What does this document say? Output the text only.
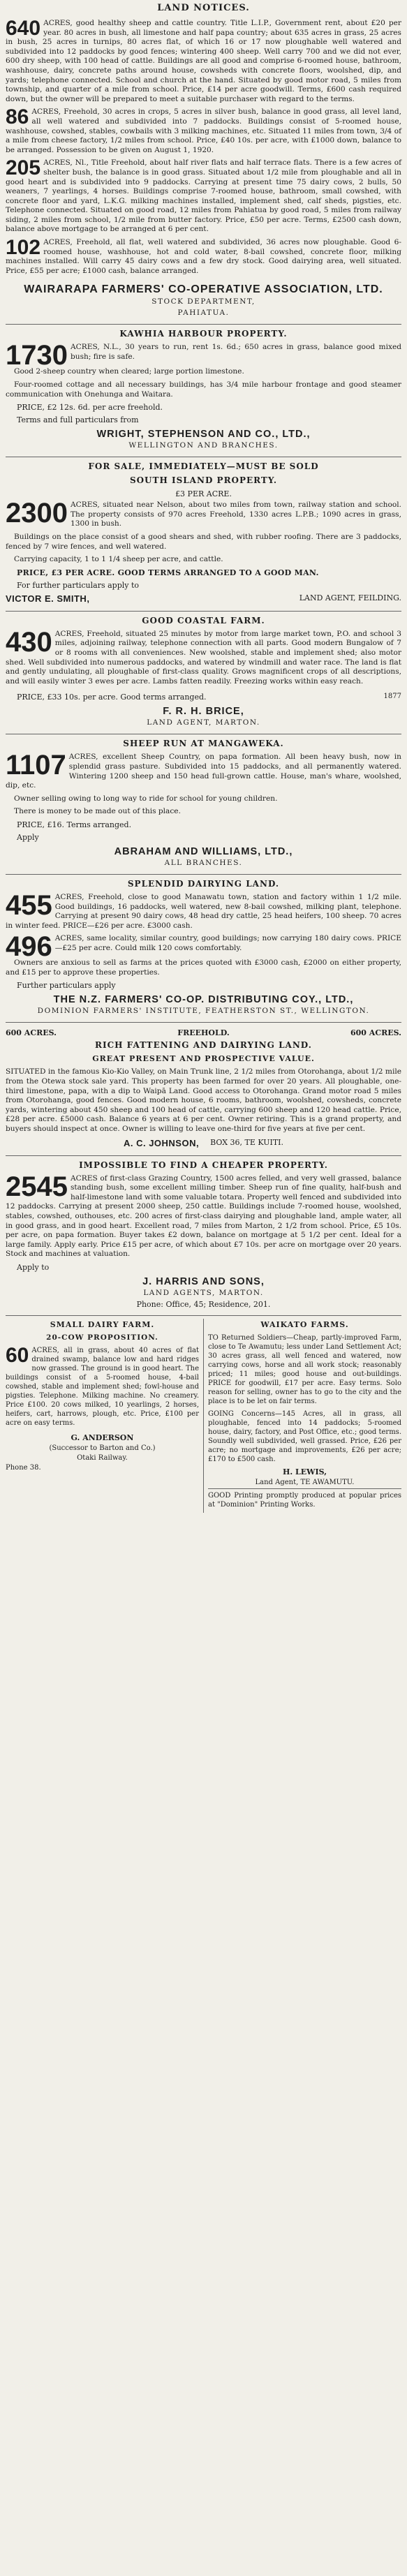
LAND NOTICES.
640 ACRES, good healthy sheep and cattle country. Title L.I.P., Government rent, about £20 per year. 80 acres in bush, all limestone and half papa country; about 635 acres in grass, 25 acres in bush, 25 acres in turnips, 80 acres flat, of which 16 or 17 now ploughable well watered and subdivided into 12 paddocks by good fences; wintering 400 sheep. Well carry 700 and we did not ever, 600 dry sheep, with 100 head of cattle. Buildings are all good and comprise 6-roomed house, bathroom, washhouse, dairy, concrete paths around house, cowsheds with concrete floors, woolshed, dip, and yards; telephone connected. School and church at the hand. Situated by good motor road, 5 miles from township, and quarter of a mile from school. Price, £14 per acre goodwill. Terms, £600 cash required down, but the owner will be prepared to meet a suitable purchaser with regard to the terms.
86 ACRES, Freehold, 30 acres in crops, 5 acres in silver bush, balance in good grass, all level land, all well watered and subdivided into 7 paddocks. Buildings consist of 5-roomed house, washhouse, cowshed, stables, cowbails with 3 milking machines, etc. Situated 11 miles from town, 3/4 of a mile from cheese factory, 1/2 miles from school. Price, £40 10s. per acre, with £1000 down, balance to be arranged. Possession to be given on August 1, 1920.
205 ACRES, Nl., Title Freehold, about half river flats and half terrace flats. There is a few acres of shelter bush, the balance is in good grass. Situated about 1/2 mile from ploughable and all in good heart and is subdivided into 9 paddocks. Carrying at present time 75 dairy cows, 2 bulls, 50 weaners, 7 yearlings, 4 horses. Buildings comprise 7-roomed house, bathroom, small cowshed, with concrete floor and yard, L.K.G. milking machines installed, implement shed, calf sheds, pigsties, etc. Telephone connected. Situated on good road, 12 miles from Pahiatua by good road, 5 miles from railway siding, 2 miles from school, 1/2 mile from butter factory. Price, £50 per acre. Terms, £2500 cash down, balance above mortgage to be arranged at 6 per cent.
102 ACRES, Freehold, all flat, well watered and subdivided, 36 acres now ploughable. Good 6-roomed house, washhouse, hot and cold water, 8-bail cowshed, concrete floor, milking machines installed. Will carry 45 dairy cows and a few dry stock. Good dairying area, well situated. Price, £55 per acre; £1000 cash, balance arranged.
WAIRARAPA FARMERS' CO-OPERATIVE ASSOCIATION, LTD.
STOCK DEPARTMENT,
PAHIATUA.
KAWHIA HARBOUR PROPERTY.
1730 ACRES, N.L., 30 years to run, rent 1s. 6d.; 650 acres in grass, balance good mixed bush; fire is safe.
Good 2-sheep country when cleared; large portion limestone.
Four-roomed cottage and all necessary buildings, has 3/4 mile harbour frontage and good steamer communication with Onehunga and Waitara.
PRICE, £2 12s. 6d. per acre freehold.
Terms and full particulars from
WRIGHT, STEPHENSON AND CO., LTD.,
WELLINGTON AND BRANCHES.
FOR SALE, IMMEDIATELY—MUST BE SOLD
SOUTH ISLAND PROPERTY.
£3 PER ACRE.
2300 ACRES, situated near Nelson, about two miles from town, railway station and school. The property consists of 970 acres Freehold, 1330 acres L.P.B.; 1090 acres in grass, 1300 in bush.
Buildings on the place consist of a good shears and shed, with rubber roofing. There are 3 paddocks, fenced by 7 wire fences, and well watered.
Carrying capacity, 1 to 1 1/4 sheep per acre, and cattle.
PRICE, £3 PER ACRE. GOOD TERMS ARRANGED TO A GOOD MAN.
For further particulars apply to
VICTOR E. SMITH,	LAND AGENT, FEILDING.
GOOD COASTAL FARM.
430 ACRES, Freehold, situated 25 minutes by motor from large market town, P.O. and school 3 miles, adjoining railway, telephone connection with all parts. Good modern Bungalow of 7 or 8 rooms with all conveniences. New woolshed, stable and implement shed; also motor shed. Well subdivided into numerous paddocks, and watered by windmill and water race. The land is flat and gently undulating, all ploughable of first-class quality. Grows magnificent crops of all descriptions, and will easily winter 3 ewes per acre. Lambs fatten readily. Freezing works within easy reach.
PRICE, £33 10s. per acre. Good terms arranged.	1877
F. R. H. BRICE,
LAND AGENT, MARTON.
SHEEP RUN AT MANGAWEKA.
1107 ACRES, excellent Sheep Country, on papa formation. All been heavy bush, now in splendid grass pasture. Subdivided into 15 paddocks, and all permanently watered. Wintering 1200 sheep and 150 head full-grown cattle. House, man's whare, woolshed, dip, etc.
Owner selling owing to long way to ride for school for young children.
There is money to be made out of this place.
PRICE, £16. Terms arranged.
Apply
ABRAHAM AND WILLIAMS, LTD.,
ALL BRANCHES.
SPLENDID DAIRYING LAND.
455 ACRES, Freehold, close to good Manawatu town, station and factory within 1 1/2 mile. Good buildings, 16 paddocks, well watered, new 8-bail cowshed, milking plant, telephone. Carrying at present 90 dairy cows, 48 head dry cattle, 25 head heifers, 100 sheep. 70 acres in winter feed. PRICE—£26 per acre. £3000 cash.
496 ACRES, same locality, similar country, good buildings; now carrying 180 dairy cows. PRICE—£25 per acre. Could milk 120 cows comfortably.
Owners are anxious to sell as farms at the prices quoted with £3000 cash, £2000 on either property, and £15 per to approve these properties.
Further particulars apply
THE N.Z. FARMERS' CO-OP. DISTRIBUTING COY., LTD.,
DOMINION FARMERS' INSTITUTE, FEATHERSTON ST., WELLINGTON.
600 ACRES.	FREEHOLD.	600 ACRES.
RICH FATTENING AND DAIRYING LAND.
GREAT PRESENT AND PROSPECTIVE VALUE.
SITUATED in the famous Kio-Kio Valley, on Main Trunk line, 2 1/2 miles from Otorohanga, about 1/2 mile from the Otewa stock sale yard. This property has been farmed for over 20 years. All ploughable, one-third limestone, papa, with a dip to Waipā Land. Good access to Otorohanga. Grand motor road 5 miles from Otorohanga, good fences. Good modern house, 6 rooms, bathroom, woolshed, cowsheds, concrete yards, wintering about 450 sheep and 100 head of cattle, carrying 600 sheep and 120 head cattle. Price, £28 per acre. £5000 cash. Balance 6 years at 6 per cent. Owner retiring. This is a grand property, and buyers should inspect at once. Owner is willing to leave one-third for five years at five per cent.
A. C. JOHNSON, BOX 36, TE KUITI.
IMPOSSIBLE TO FIND A CHEAPER PROPERTY.
2545 ACRES of first-class Grazing Country, 1500 acres felled, and very well grassed, balance standing bush, some excellent milling timber. Sheep run of fine quality, half-bush and half-limestone land with some valuable totara. Property well fenced and subdivided into 12 paddocks. Carrying at present 2000 sheep, 250 cattle. Buildings include 7-roomed house, woolshed, stables, cowshed, outhouses, etc. 200 acres of first-class dairying and ploughable land, ample water, all in good grass, and in good heart. Excellent road, 7 miles from Marton, 2 1/2 from school. Price, £5 10s. per acre, on papa formation. Buyer takes £2 down, balance on mortgage at 5 1/2 per cent. Ideal for a large family. Apply early. Price £15 per acre, of which about £7 10s. per acre on mortgage over 20 years. Stock and machines at valuation.
Apply to
J. HARRIS AND SONS,
LAND AGENTS, MARTON.
Phone: Office, 45; Residence, 201.
SMALL DAIRY FARM.
20-COW PROPOSITION.
60 ACRES, all in grass, about 40 acres of flat drained swamp, balance low and hard ridges now grassed. The ground is in good heart. The buildings consist of a 5-roomed house, 4-bail cowshed, stable and implement shed; fowl-house and pigsties. Telephone. Milking machine. No creamery. Price £100. 20 cows milked, 10 yearlings, 2 horses, heifers, cart, harrows, plough, etc. Price, £100 per acre on easy terms.
G. ANDERSON
(Successor to Barton and Co.)
Otaki Railway.
Phone 38.
WAIKATO FARMS.
TO Returned Soldiers—Cheap, partly-improved Farm, close to Te Awamutu; less under Land Settlement Act; 30 acres grass, all well fenced and watered, now carrying cows, horse and all work stock; reasonably priced; 11 miles; good house and out-buildings. PRICE for goodwill, £17 per acre. Easy terms. Solo reason for selling, owner has to go to the city and the place is to be let on fair terms.
GOING Concerns—145 Acres, all in grass, all ploughable, fenced into 14 paddocks; 5-roomed house, dairy, factory, and Post Office, etc.; good terms. Soundly well subdivided, well grassed. Price, £26 per acre; no mortgage and improvements, £26 per acre; £170 to £500 cash.
H. LEWIS,
Land Agent, TE AWAMUTU.
GOOD Printing promptly produced at popular prices at "Dominion" Printing Works.
